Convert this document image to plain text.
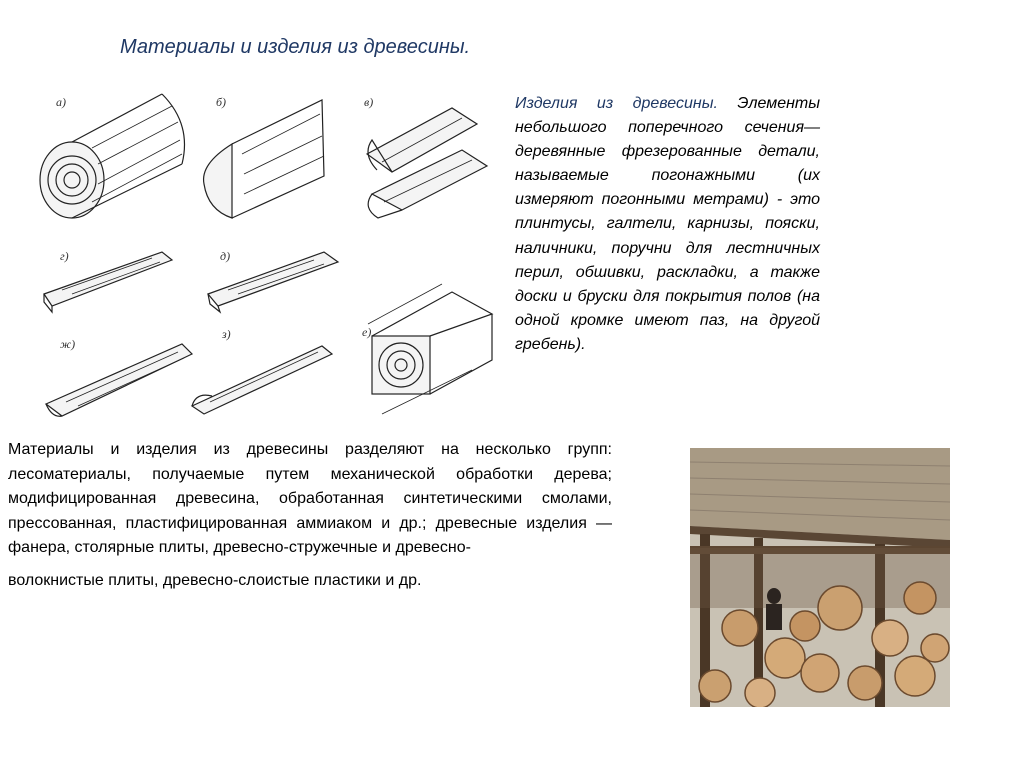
Материалы и изделия из древесины.
а)	б)	в)
г)	д)
ж)
з)	е)
Изделия из древесины. Элементы небольшого поперечного сечения— деревянные фрезерованные детали, называемые погонажными (их измеряют погонными метрами) - это плинтусы, галтели, карнизы, пояски, наличники, поручни для лестничных перил, обшивки, раскладки, а также доски и бруски для покрытия полов (на одной кромке имеют паз, на другой гребень).
Материалы и изделия из древесины разделяют на несколько групп: лесоматериалы, получаемые путем механической обработки дерева; модифицированная древесина, обработанная синтетическими смолами, прессованная, пластифицированная аммиаком и др.; древесные изделия — фанера, столярные плиты, древесно-стружечные и древесно-
волокнистые плиты, древесно-слоистые пластики и др.
